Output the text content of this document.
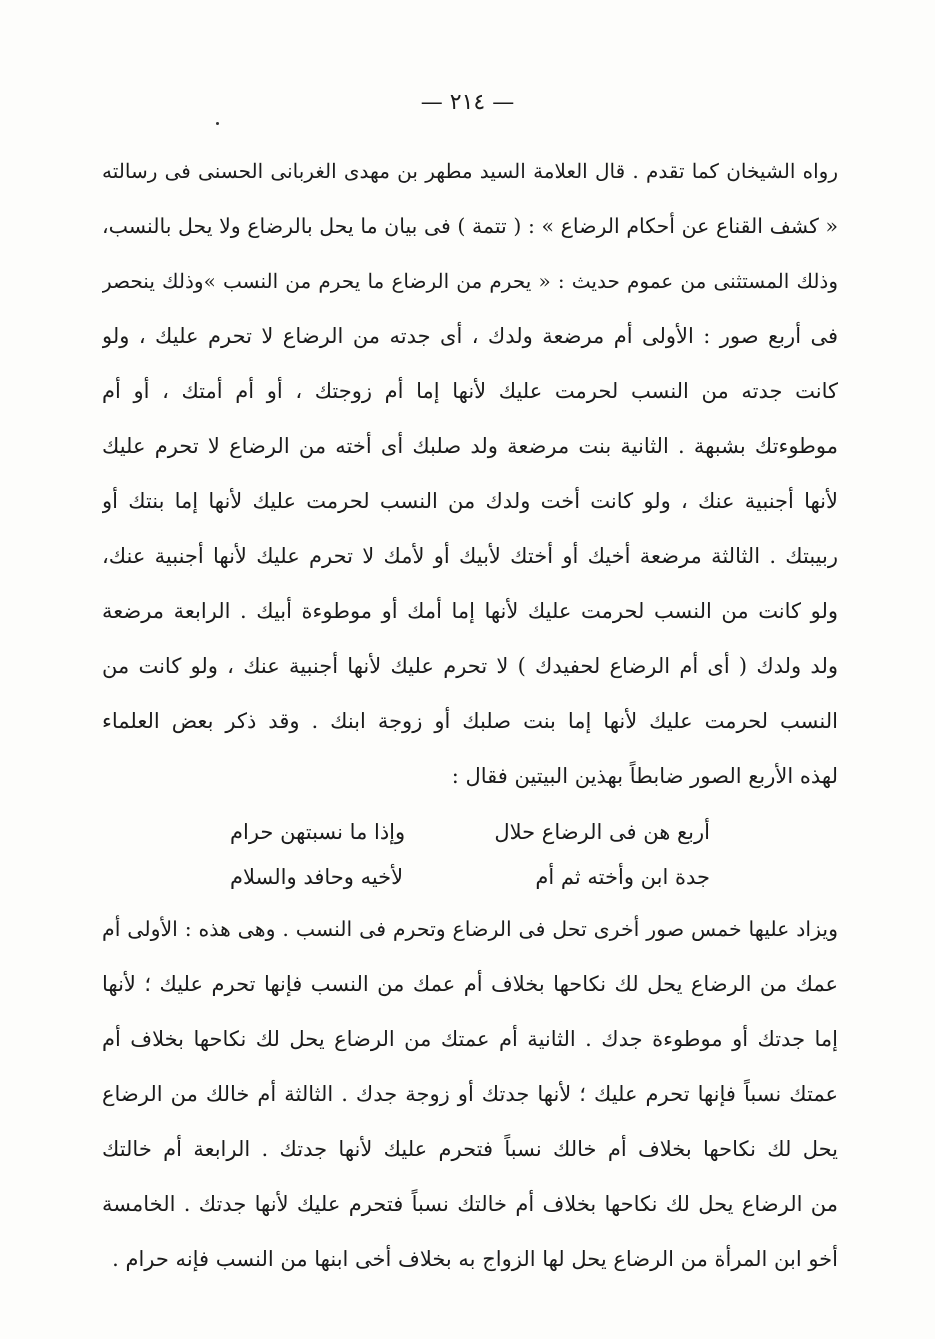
— ٢١٤ —
رواه الشيخان كما تقدم . قال العلامة السيد مطهر بن مهدى الغربانى الحسنى فى رسالته
« كشف القناع عن أحكام الرضاع » : ( تتمة ) فى بيان ما يحل بالرضاع ولا يحل بالنسب،
وذلك المستثنى من عموم حديث : « يحرم من الرضاع ما يحرم من النسب »وذلك ينحصر
فى أربع صور : الأولى أم مرضعة ولدك ، أى جدته من الرضاع لا تحرم عليك ، ولو
كانت جدته من النسب لحرمت عليك لأنها إما أم زوجتك ، أو أم أمتك ، أو أم
موطوءتك بشبهة . الثانية بنت مرضعة ولد صلبك أى أخته من الرضاع لا تحرم عليك
لأنها أجنبية عنك ، ولو كانت أخت ولدك من النسب لحرمت عليك لأنها إما بنتك أو
ربيبتك . الثالثة مرضعة أخيك أو أختك لأبيك أو لأمك لا تحرم عليك لأنها أجنبية عنك،
ولو كانت من النسب لحرمت عليك لأنها إما أمك أو موطوءة أبيك . الرابعة مرضعة
ولد ولدك ( أى أم الرضاع لحفيدك ) لا تحرم عليك لأنها أجنبية عنك ، ولو كانت من
النسب لحرمت عليك لأنها إما بنت صلبك أو زوجة ابنك . وقد ذكر بعض العلماء
لهذه الأربع الصور ضابطاً بهذين البيتين فقال :
أربع هن فى الرضاع حلال
وإذا ما نسبتهن حرام
جدة ابن وأخته ثم أم
لأخيه وحافد والسلام
ويزاد عليها خمس صور أخرى تحل فى الرضاع وتحرم فى النسب . وهى هذه : الأولى أم
عمك من الرضاع يحل لك نكاحها بخلاف أم عمك من النسب فإنها تحرم عليك ؛ لأنها
إما جدتك أو موطوءة جدك . الثانية أم عمتك من الرضاع يحل لك نكاحها بخلاف أم
عمتك نسباً فإنها تحرم عليك ؛ لأنها جدتك أو زوجة جدك . الثالثة أم خالك من الرضاع
يحل لك نكاحها بخلاف أم خالك نسباً فتحرم عليك لأنها جدتك . الرابعة أم خالتك
من الرضاع يحل لك نكاحها بخلاف أم خالتك نسباً فتحرم عليك لأنها جدتك . الخامسة
أخو ابن المرأة من الرضاع يحل لها الزواج به بخلاف أخى ابنها من النسب فإنه حرام .
